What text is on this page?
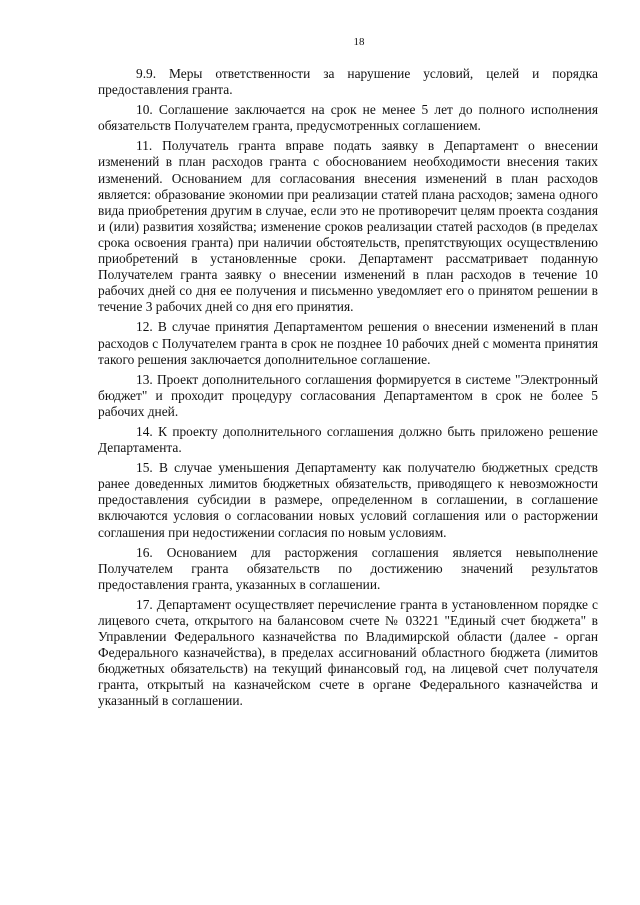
18

9.9. Меры ответственности за нарушение условий, целей и порядка предоставления гранта.

10. Соглашение заключается на срок не менее 5 лет до полного исполнения обязательств Получателем гранта, предусмотренных соглашением.

11. Получатель гранта вправе подать заявку в Департамент о внесении изменений в план расходов гранта с обоснованием необходимости внесения таких изменений. Основанием для согласования внесения изменений в план расходов является: образование экономии при реализации статей плана расходов; замена одного вида приобретения другим в случае, если это не противоречит целям проекта создания и (или) развития хозяйства; изменение сроков реализации статей расходов (в пределах срока освоения гранта) при наличии обстоятельств, препятствующих осуществлению приобретений в установленные сроки. Департамент рассматривает поданную Получателем гранта заявку о внесении изменений в план расходов в течение 10 рабочих дней со дня ее получения и письменно уведомляет его о принятом решении в течение 3 рабочих дней со дня его принятия.

12. В случае принятия Департаментом решения о внесении изменений в план расходов с Получателем гранта в срок не позднее 10 рабочих дней с момента принятия такого решения заключается дополнительное соглашение.

13. Проект дополнительного соглашения формируется в системе "Электронный бюджет" и проходит процедуру согласования Департаментом в срок не более 5 рабочих дней.

14. К проекту дополнительного соглашения должно быть приложено решение Департамента.

15. В случае уменьшения Департаменту как получателю бюджетных средств ранее доведенных лимитов бюджетных обязательств, приводящего к невозможности предоставления субсидии в размере, определенном в соглашении, в соглашение включаются условия о согласовании новых условий соглашения или о расторжении соглашения при недостижении согласия по новым условиям.

16. Основанием для расторжения соглашения является невыполнение Получателем гранта обязательств по достижению значений результатов предоставления гранта, указанных в соглашении.

17. Департамент осуществляет перечисление гранта в установленном порядке с лицевого счета, открытого на балансовом счете № 03221 "Единый счет бюджета" в Управлении Федерального казначейства по Владимирской области (далее - орган Федерального казначейства), в пределах ассигнований областного бюджета (лимитов бюджетных обязательств) на текущий финансовый год, на лицевой счет получателя гранта, открытый на казначейском счете в органе Федерального казначейства и указанный в соглашении.
